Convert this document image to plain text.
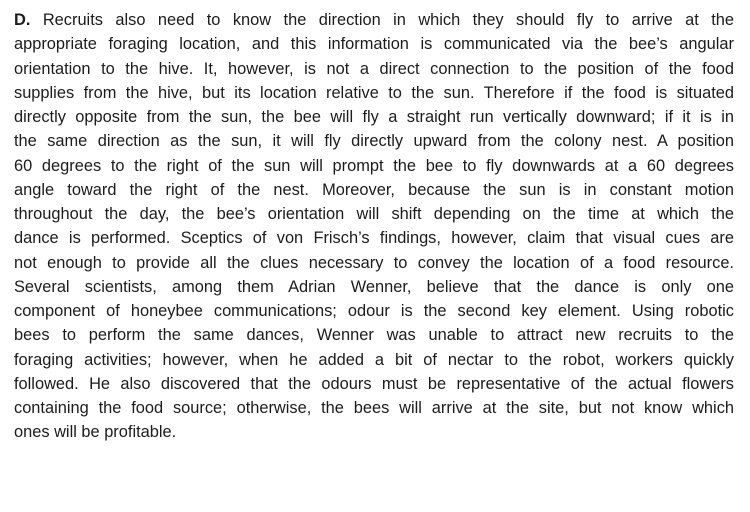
D. Recruits also need to know the direction in which they should fly to arrive at the
appropriate foraging location, and this information is communicated via the bee’s angular
orientation to the hive. It, however, is not a direct connection to the position of the food
supplies from the hive, but its location relative to the sun. Therefore if the food is situated
directly opposite from the sun, the bee will fly a straight run vertically downward; if it is in
the same direction as the sun, it will fly directly upward from the colony nest. A position
60 degrees to the right of the sun will prompt the bee to fly downwards at a 60 degrees
angle toward the right of the nest. Moreover, because the sun is in constant motion
throughout the day, the bee’s orientation will shift depending on the time at which the
dance is performed. Sceptics of von Frisch’s findings, however, claim that visual cues are
not enough to provide all the clues necessary to convey the location of a food resource.
Several scientists, among them Adrian Wenner, believe that the dance is only one
component of honeybee communications; odour is the second key element. Using robotic
bees to perform the same dances, Wenner was unable to attract new recruits to the
foraging activities; however, when he added a bit of nectar to the robot, workers quickly
followed. He also discovered that the odours must be representative of the actual flowers
containing the food source; otherwise, the bees will arrive at the site, but not know which
ones will be profitable.
